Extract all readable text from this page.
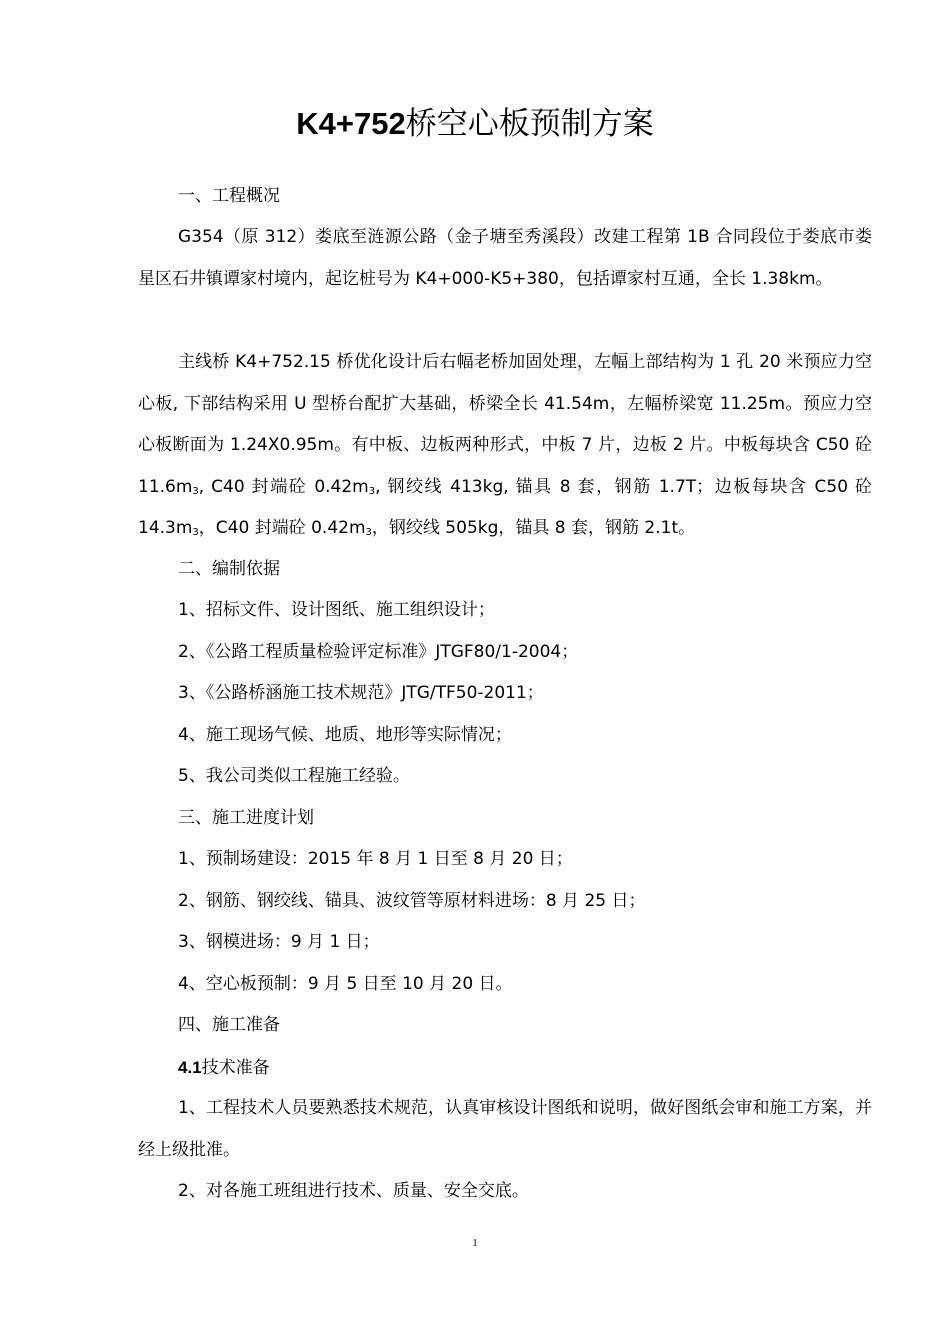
K4+752桥空心板预制方案

一、工程概况

G354（原 312）娄底至涟源公路（金子塘至秀溪段）改建工程第 1B 合同段位于娄底市娄星区石井镇谭家村境内，起讫桩号为 K4+000-K5+380，包括谭家村互通，全长 1.38km。

主线桥 K4+752.15 桥优化设计后右幅老桥加固处理，左幅上部结构为 1 孔 20 米预应力空心板, 下部结构采用 U 型桥台配扩大基础，桥梁全长 41.54m，左幅桥梁宽 11.25m。预应力空心板断面为 1.24X0.95m。有中板、边板两种形式，中板 7 片，边板 2 片。中板每块含 C50 砼 $11.6m_3$, C40 封端砼 $0.42m_3$, 钢绞线 413kg, 锚具 8 套，钢筋 1.7T；边板每块含 C50 砼 $14.3m_3$，C40 封端砼 $0.42m_3$，钢绞线 505kg，锚具 8 套，钢筋 2.1t。

二、编制依据

1、招标文件、设计图纸、施工组织设计；

2、《公路工程质量检验评定标准》JTGF80/1-2004；

3、《公路桥涵施工技术规范》JTG/TF50-2011；

4、施工现场气候、地质、地形等实际情况；

5、我公司类似工程施工经验。

三、施工进度计划

1、预制场建设：2015 年 8 月 1 日至 8 月 20 日；

2、钢筋、钢绞线、锚具、波纹管等原材料进场：8 月 25 日；

3、钢模进场：9 月 1 日；

4、空心板预制：9 月 5 日至 10 月 20 日。

四、施工准备

4.1技术准备

1、工程技术人员要熟悉技术规范，认真审核设计图纸和说明，做好图纸会审和施工方案，并经上级批准。

2、对各施工班组进行技术、质量、安全交底。

1
